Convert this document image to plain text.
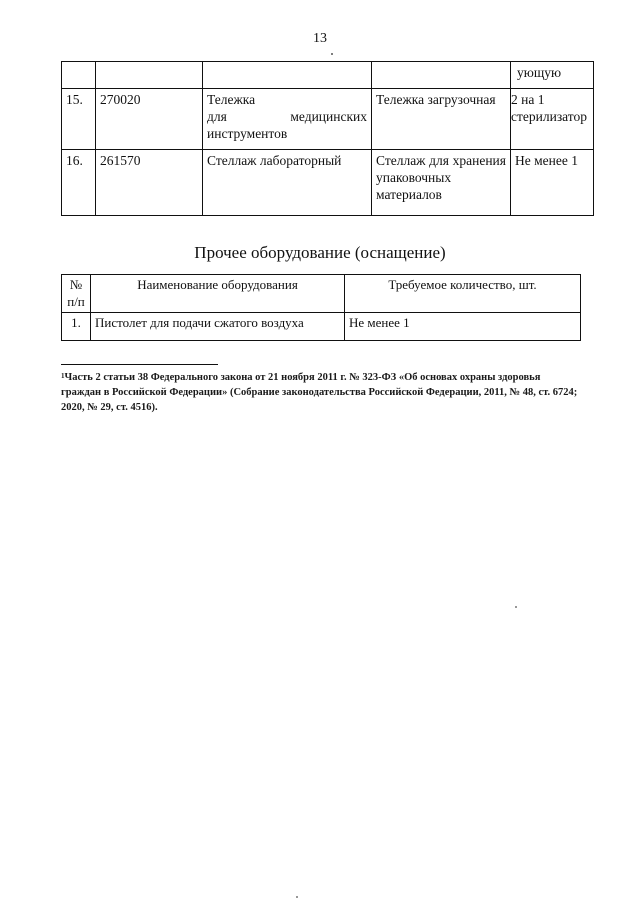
13
				ующую
15.	270020	Тележка
для медицинских
инструментов	Тележка загрузочная	2 на 1 стерилизатор
16.	261570	Стеллаж лабораторный	Стеллаж для хранения упаковочных материалов	Не менее 1
Прочее оборудование (оснащение)
№ п/п	Наименование оборудования	Требуемое количество, шт.
1.	Пистолет для подачи сжатого воздуха	Не менее 1
$^1$Часть 2 статьи 38 Федерального закона от 21 ноября 2011 г. № 323-ФЗ «Об основах охраны здоровья граждан в Российской Федерации» (Собрание законодательства Российской Федерации, 2011, № 48, ст. 6724; 2020, № 29, ст. 4516).
